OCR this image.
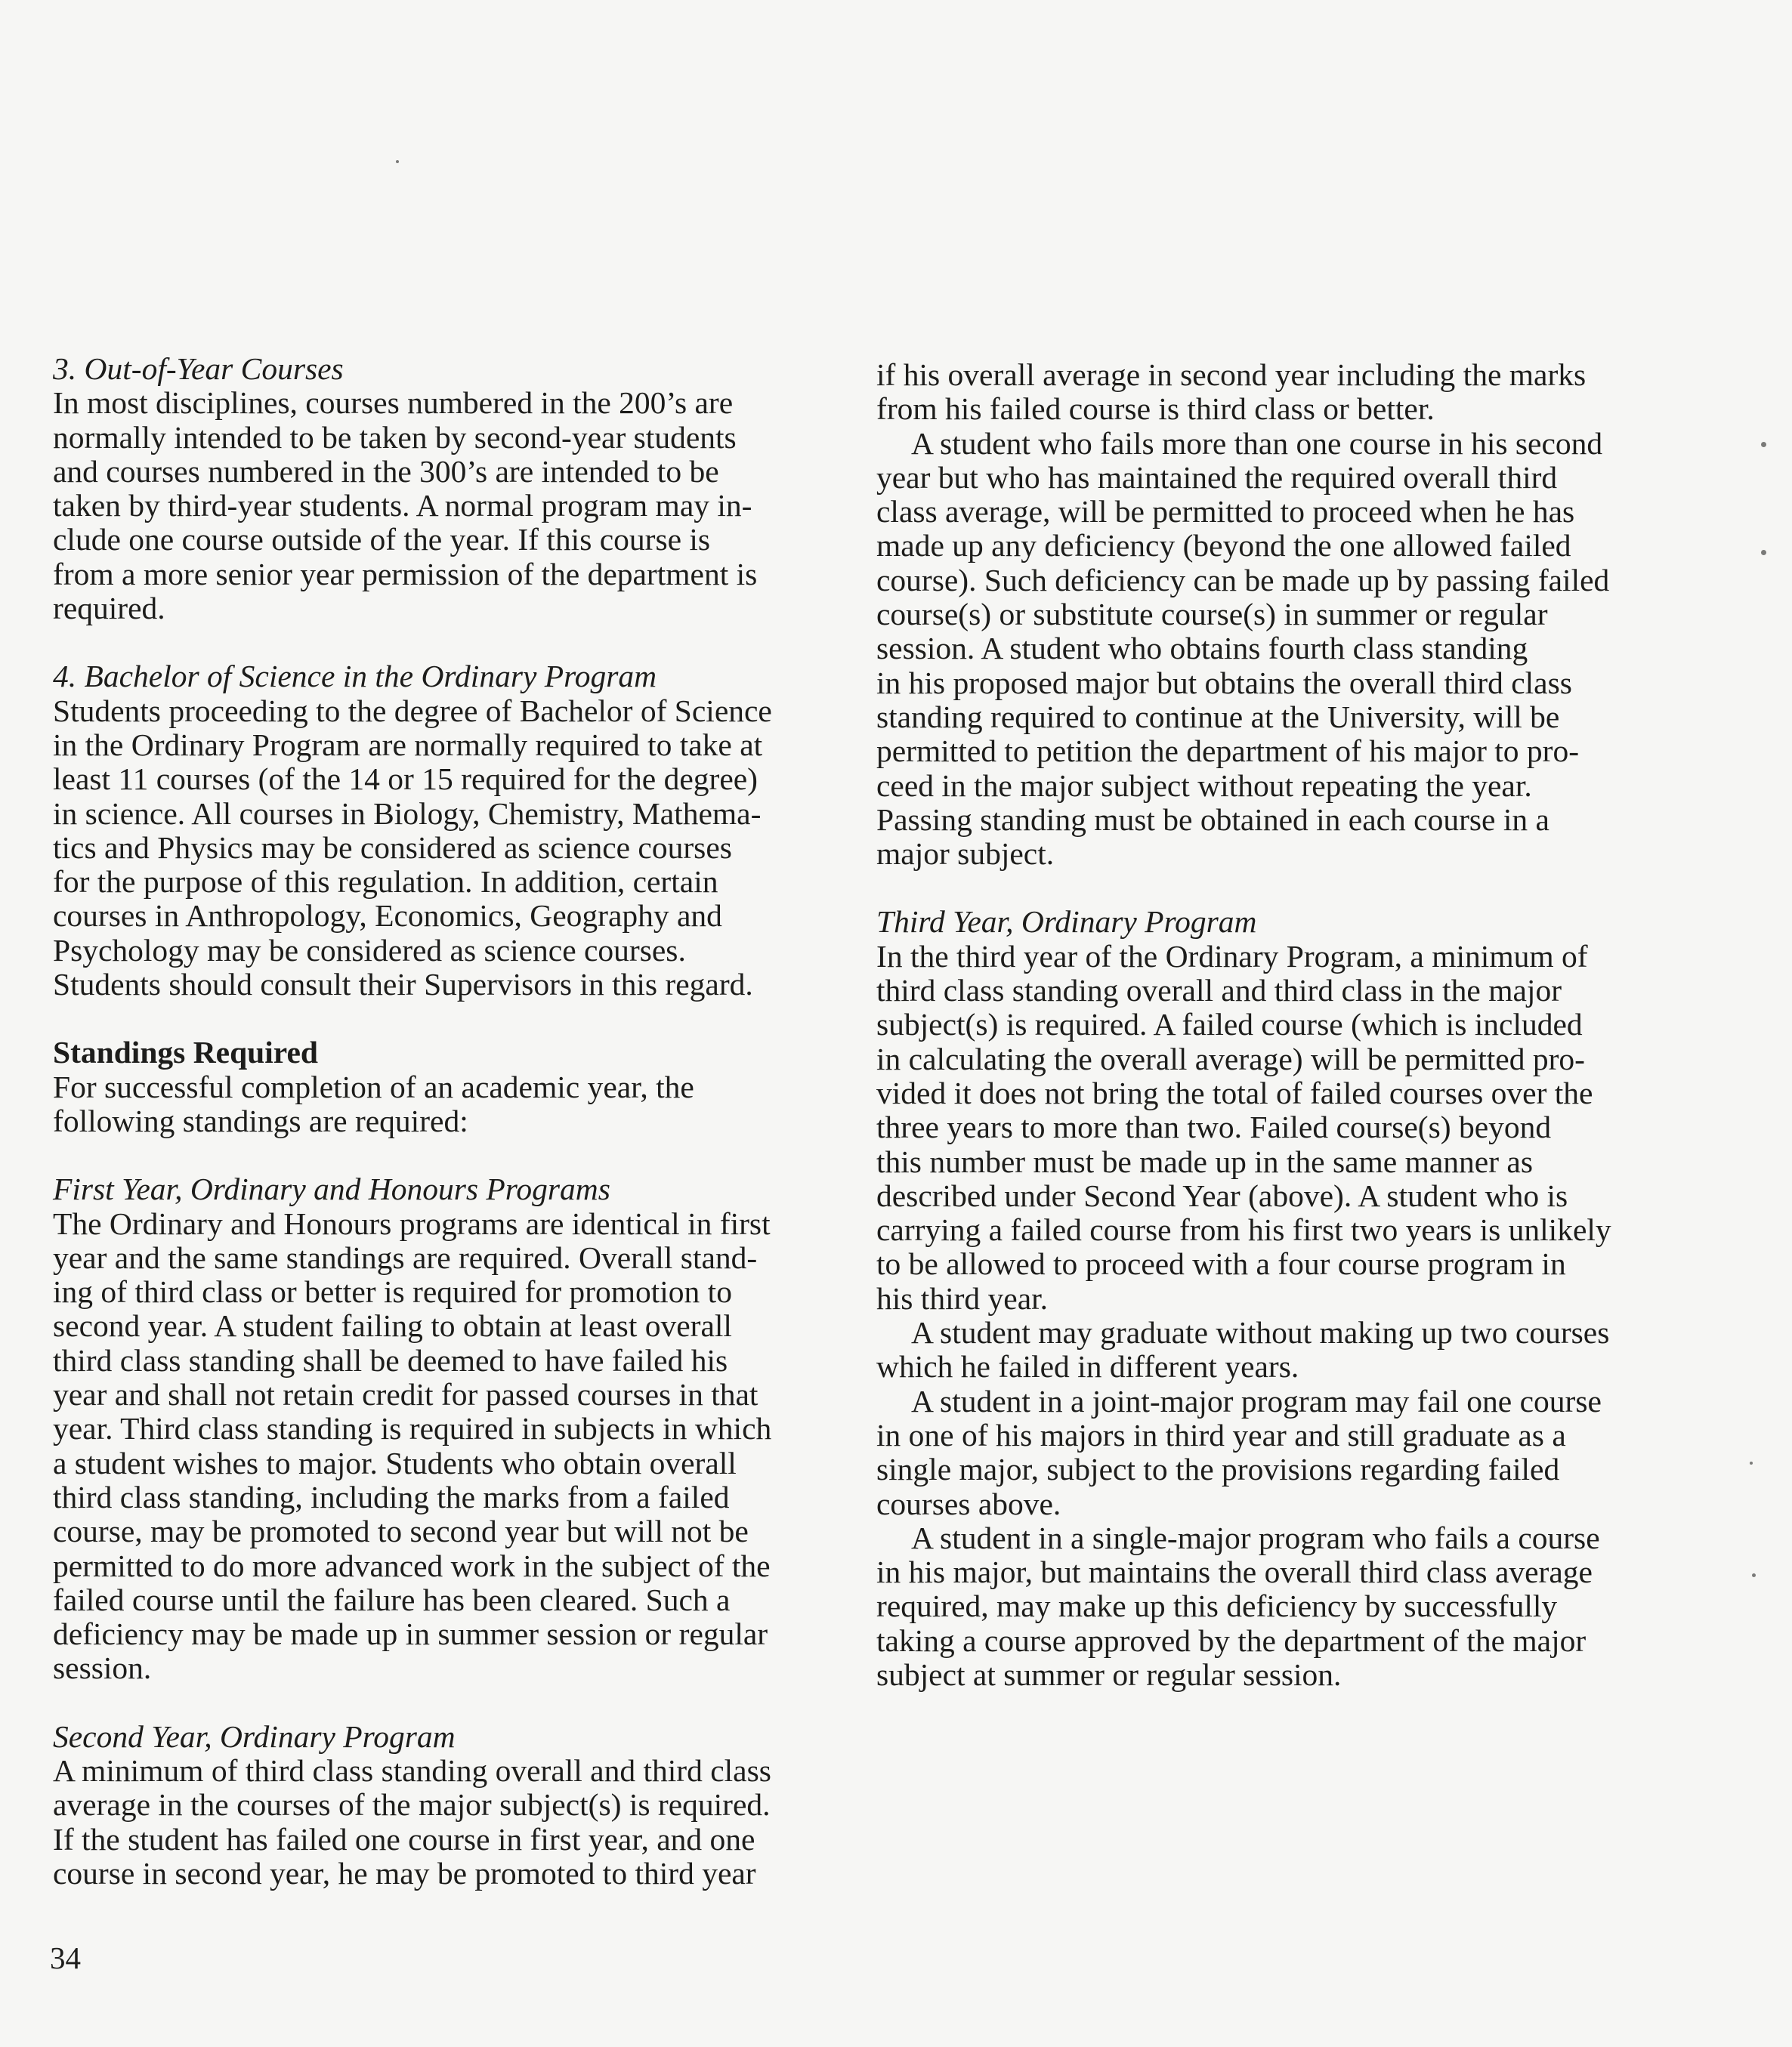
3. Out-of-Year Courses
In most disciplines, courses numbered in the 200’s are
normally intended to be taken by second-year students
and courses numbered in the 300’s are intended to be
taken by third-year students. A normal program may in-
clude one course outside of the year. If this course is
from a more senior year permission of the department is
required.
4. Bachelor of Science in the Ordinary Program
Students proceeding to the degree of Bachelor of Science
in the Ordinary Program are normally required to take at
least 11 courses (of the 14 or 15 required for the degree)
in science. All courses in Biology, Chemistry, Mathema-
tics and Physics may be considered as science courses
for the purpose of this regulation. In addition, certain
courses in Anthropology, Economics, Geography and
Psychology may be considered as science courses.
Students should consult their Supervisors in this regard.
Standings Required
For successful completion of an academic year, the
following standings are required:
First Year, Ordinary and Honours Programs
The Ordinary and Honours programs are identical in first
year and the same standings are required. Overall stand-
ing of third class or better is required for promotion to
second year. A student failing to obtain at least overall
third class standing shall be deemed to have failed his
year and shall not retain credit for passed courses in that
year. Third class standing is required in subjects in which
a student wishes to major. Students who obtain overall
third class standing, including the marks from a failed
course, may be promoted to second year but will not be
permitted to do more advanced work in the subject of the
failed course until the failure has been cleared. Such a
deficiency may be made up in summer session or regular
session.
Second Year, Ordinary Program
A minimum of third class standing overall and third class
average in the courses of the major subject(s) is required.
If the student has failed one course in first year, and one
course in second year, he may be promoted to third year
if his overall average in second year including the marks
from his failed course is third class or better.
A student who fails more than one course in his second
year but who has maintained the required overall third
class average, will be permitted to proceed when he has
made up any deficiency (beyond the one allowed failed
course). Such deficiency can be made up by passing failed
course(s) or substitute course(s) in summer or regular
session. A student who obtains fourth class standing
in his proposed major but obtains the overall third class
standing required to continue at the University, will be
permitted to petition the department of his major to pro-
ceed in the major subject without repeating the year.
Passing standing must be obtained in each course in a
major subject.
Third Year, Ordinary Program
In the third year of the Ordinary Program, a minimum of
third class standing overall and third class in the major
subject(s) is required. A failed course (which is included
in calculating the overall average) will be permitted pro-
vided it does not bring the total of failed courses over the
three years to more than two. Failed course(s) beyond
this number must be made up in the same manner as
described under Second Year (above). A student who is
carrying a failed course from his first two years is unlikely
to be allowed to proceed with a four course program in
his third year.
A student may graduate without making up two courses
which he failed in different years.
A student in a joint-major program may fail one course
in one of his majors in third year and still graduate as a
single major, subject to the provisions regarding failed
courses above.
A student in a single-major program who fails a course
in his major, but maintains the overall third class average
required, may make up this deficiency by successfully
taking a course approved by the department of the major
subject at summer or regular session.
34
